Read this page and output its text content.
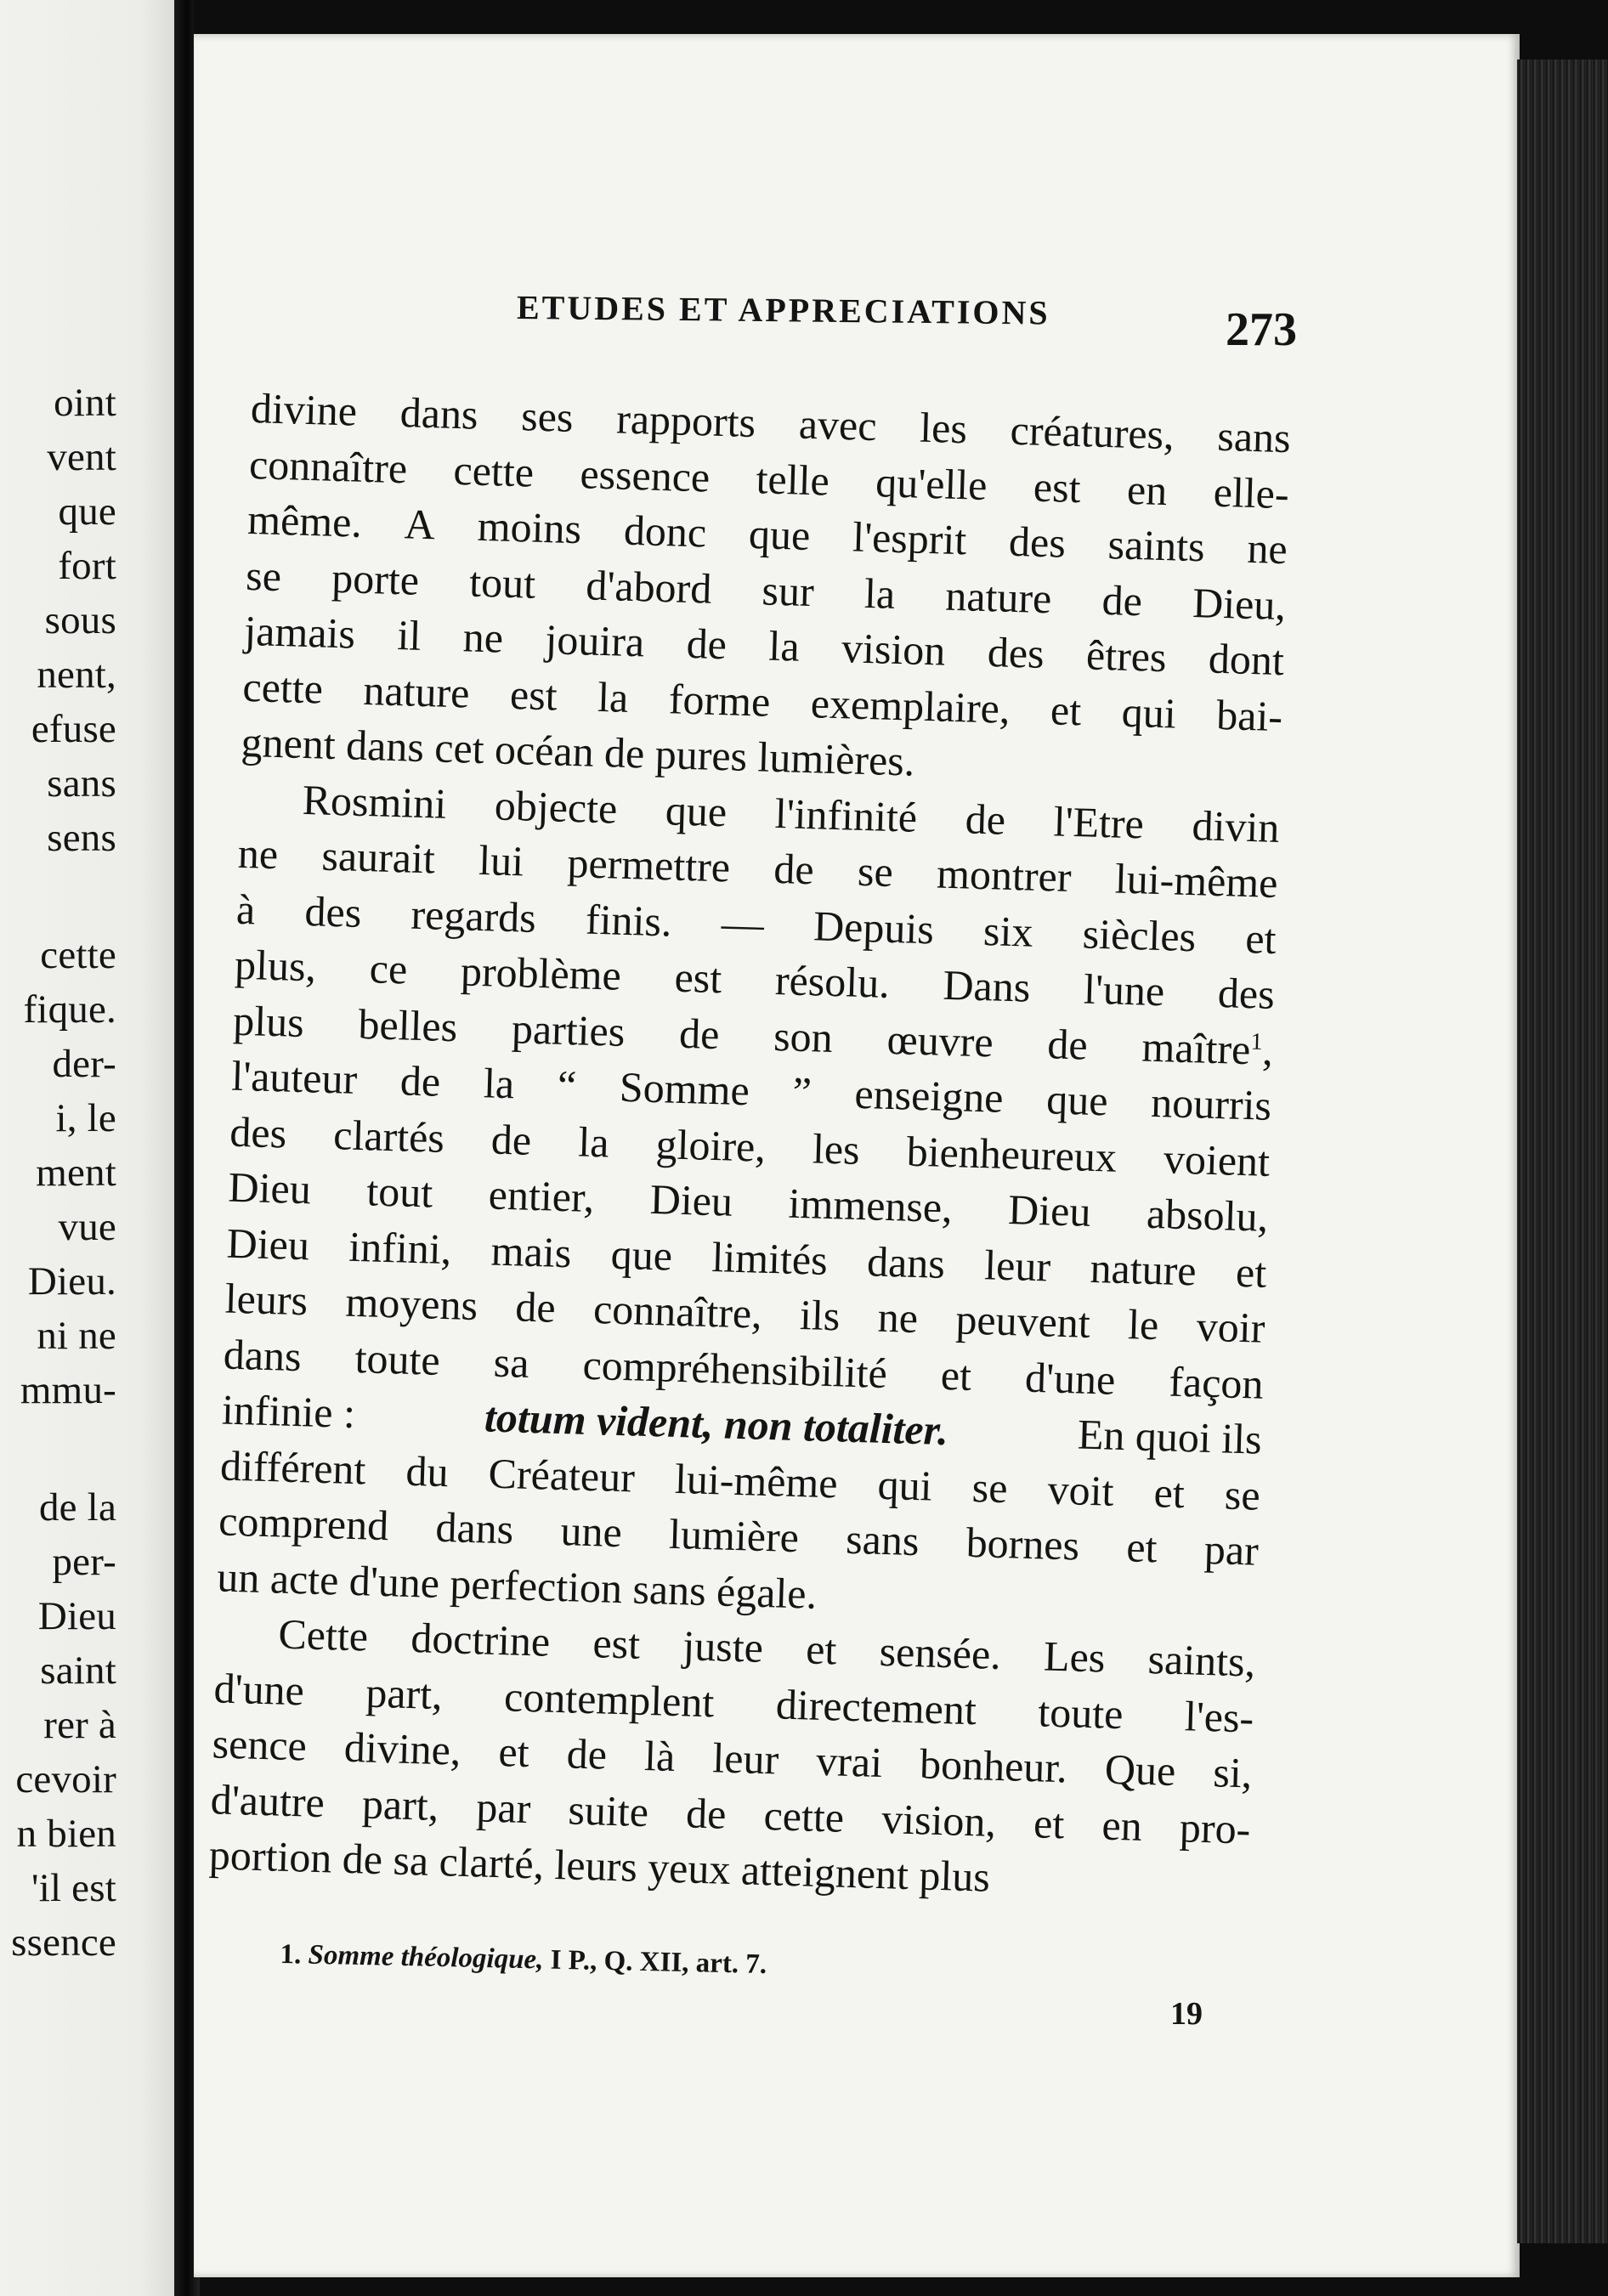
oint
vent
que
fort
sous
nent,
efuse
sans
sens
cette
fique.
der-
i, le
ment
vue
Dieu.
ni ne
mmu-
de la
per-
Dieu
saint
rer à
cevoir
n bien
'il est
ssence
ETUDES ET APPRECIATIONS	273
divine dans ses rapports avec les créatures, sans
connaître cette essence telle qu'elle est en elle-
même. A moins donc que l'esprit des saints ne
se porte tout d'abord sur la nature de Dieu,
jamais il ne jouira de la vision des êtres dont
cette nature est la forme exemplaire, et qui bai-
gnent dans cet océan de pures lumières.
Rosmini objecte que l'infinité de l'Etre divin
ne saurait lui permettre de se montrer lui-même
à des regards finis. — Depuis six siècles et
plus, ce problème est résolu. Dans l'une des
plus belles parties de son œuvre de maître$^1$,
l'auteur de la “ Somme ” enseigne que nourris
des clartés de la gloire, les bienheureux voient
Dieu tout entier, Dieu immense, Dieu absolu,
Dieu infini, mais que limités dans leur nature et
leurs moyens de connaître, ils ne peuvent le voir
dans toute sa compréhensibilité et d'une façon
infinie :	totum vident, non totaliter.	En quoi ils
différent du Créateur lui-même qui se voit et se
comprend dans une lumière sans bornes et par
un acte d'une perfection sans égale.
Cette doctrine est juste et sensée. Les saints,
d'une part, contemplent directement toute l'es-
sence divine, et de là leur vrai bonheur. Que si,
d'autre part, par suite de cette vision, et en pro-
portion de sa clarté, leurs yeux atteignent plus
1. Somme théologique, I P., Q. XII, art. 7.
19
